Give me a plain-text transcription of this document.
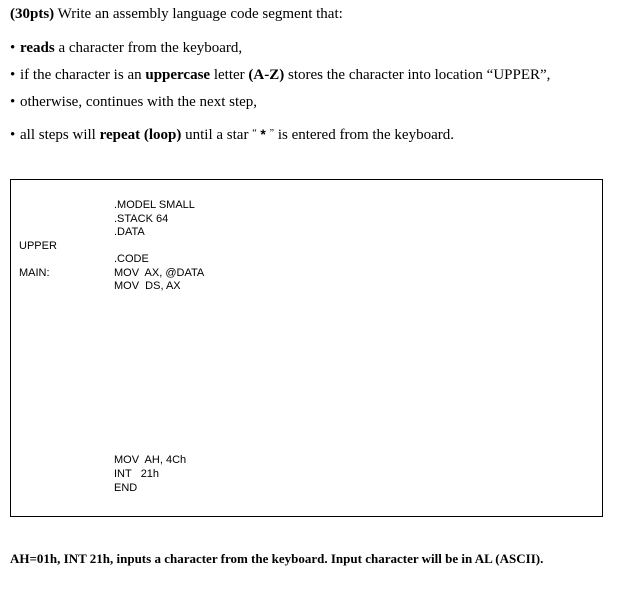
(30pts) Write an assembly language code segment that:
• reads a character from the keyboard,
• if the character is an uppercase letter (A-Z) stores the character into location “UPPER”,
• otherwise, continues with the next step,
• all steps will repeat (loop) until a star “ * ” is entered from the keyboard.
.MODEL SMALL
.STACK 64
.DATA
UPPER
.CODE
MAIN:	MOV  AX, @DATA
MOV  DS, AX
MOV  AH, 4Ch
INT   21h
END
AH=01h, INT 21h, inputs a character from the keyboard. Input character will be in AL (ASCII).
